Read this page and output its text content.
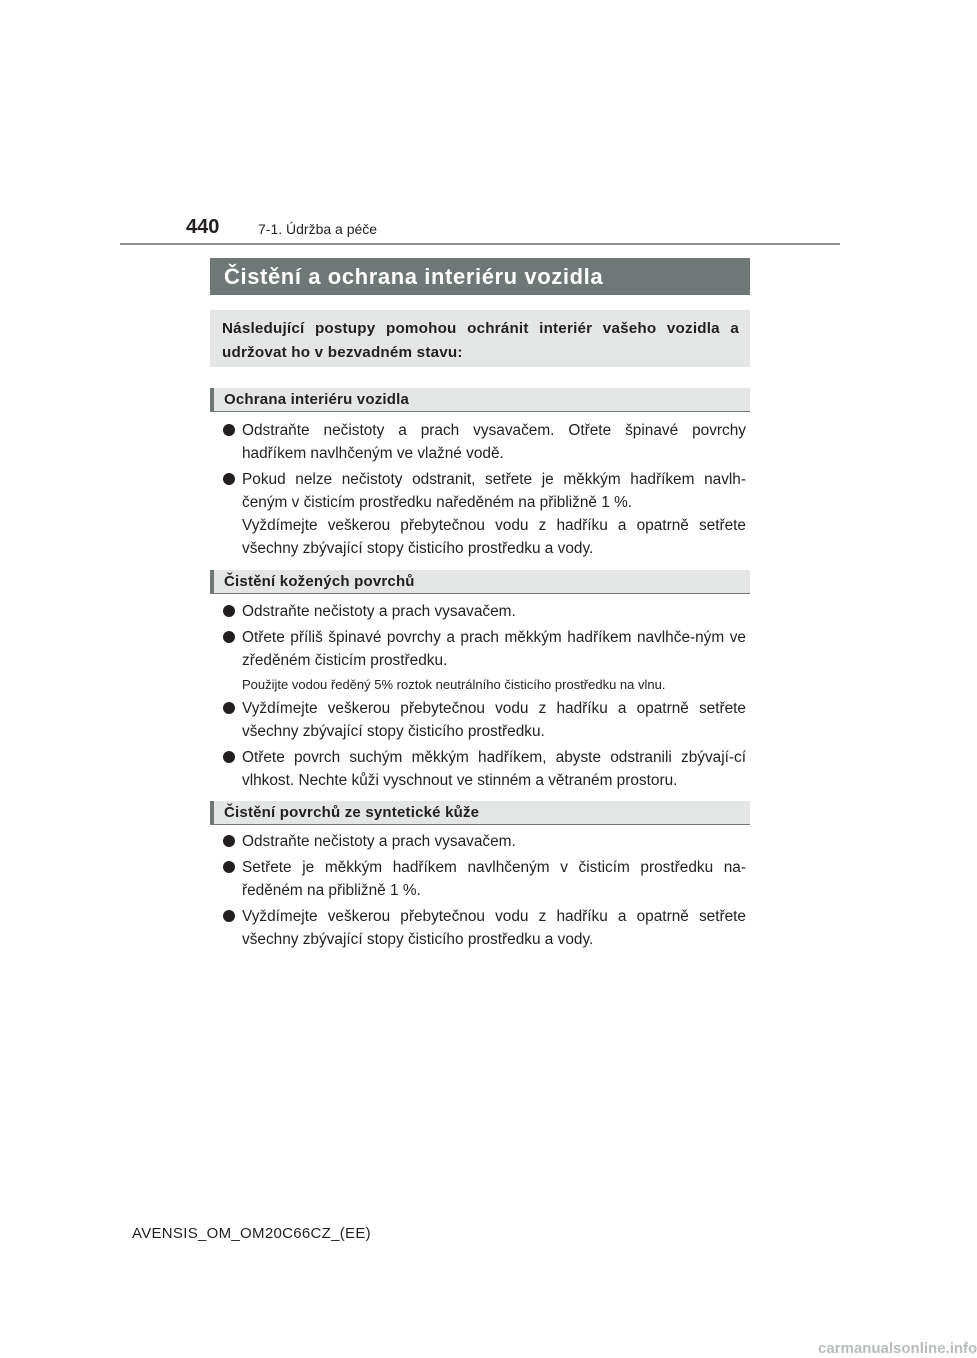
440	7-1. Údržba a péče
Čistění a ochrana interiéru vozidla
Následující postupy pomohou ochránit interiér vašeho vozidla a udržovat ho v bezvadném stavu:
Ochrana interiéru vozidla
Odstraňte nečistoty a prach vysavačem. Otřete špinavé povrchy hadříkem navlhčeným ve vlažné vodě.
Pokud nelze nečistoty odstranit, setřete je měkkým hadříkem navlh-čeným v čisticím prostředku naředěném na přibližně 1 %.
Vyždímejte veškerou přebytečnou vodu z hadříku a opatrně setřete všechny zbývající stopy čisticího prostředku a vody.
Čistění kožených povrchů
Odstraňte nečistoty a prach vysavačem.
Otřete příliš špinavé povrchy a prach měkkým hadříkem navlhče-ným ve zředěném čisticím prostředku.
Použijte vodou ředěný 5% roztok neutrálního čisticího prostředku na vlnu.
Vyždímejte veškerou přebytečnou vodu z hadříku a opatrně setřete všechny zbývající stopy čisticího prostředku.
Otřete povrch suchým měkkým hadříkem, abyste odstranili zbývají-cí vlhkost. Nechte kůži vyschnout ve stinném a větraném prostoru.
Čistění povrchů ze syntetické kůže
Odstraňte nečistoty a prach vysavačem.
Setřete je měkkým hadříkem navlhčeným v čisticím prostředku na-ředěném na přibližně 1 %.
Vyždímejte veškerou přebytečnou vodu z hadříku a opatrně setřete všechny zbývající stopy čisticího prostředku a vody.
AVENSIS_OM_OM20C66CZ_(EE)
carmanualsonline.info
